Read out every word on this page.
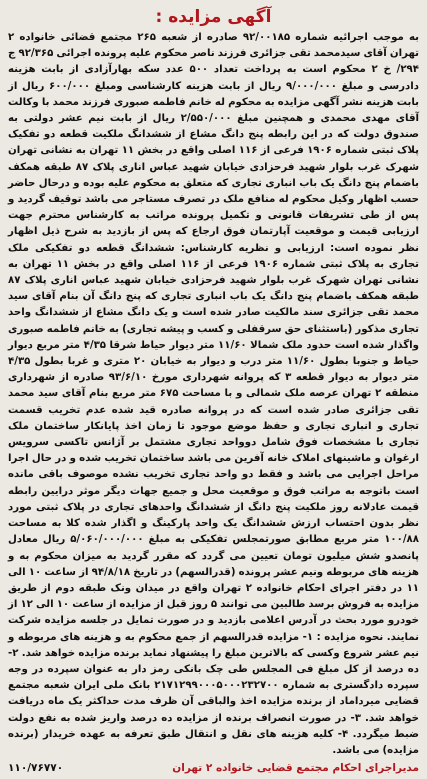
آگهی مزایده :

به موجب اجرائیه شماره ۹۲/۰۰۱۸۵ صادره از شعبه ۲۶۵ مجتمع قضائی خانواده ۲ تهران آقای سیدمحمد تقی جزائری فرزند ناصر محکوم علیه پرونده اجرائی ۹۲/۳۶۵ ج ۲۹۴/ خ ۲ محکوم است به پرداخت تعداد ۵۰۰ عدد سکه بهارآزادی از بابت هزینه دادرسی و مبلغ ۹/۰۰۰/۰۰۰ ریال از بابت هزینه کارشناسی ومبلغ ۶۰۰/۰۰۰ ریال از بابت هزینه نشر آگهی مزایده به محکوم له خانم فاطمه صبوری فرزند محمد با وکالت آقای مهدی محمدی و همچنین مبلغ ۲/۵۵۰/۰۰۰ ریال از بابت نیم عشر دولتی به صندوق دولت که در این رابطه پنج دانگ مشاع از ششدانگ ملکیت قطعه دو تفکیک پلاک ثبتی شماره ۱۹۰۶ فرعی از ۱۱۶ اصلی واقع در بخش ۱۱ تهران به نشانی تهران شهرک غرب بلوار شهید فرحزادی خیابان شهید عباس اناری پلاک ۸۷ طبقه همکف باضمام پنج دانگ یک باب انباری تجاری که متعلق به محکوم علیه بوده و درحال حاضر حسب اظهار وکیل محکوم له منافع ملک در تصرف مستاجر می باشد توقیف گردید و پس از طی تشریفات قانونی و تکمیل پرونده مراتب به کارشناس محترم جهت ارزیابی قیمت و موقعیت آپارتمان فوق ارجاع که پس از بازدید به شرح ذیل اظهار نظر نموده است: ارزیابی و نظریه کارشناس: ششدانگ قطعه دو تفکیکی ملک تجاری به پلاک ثبتی شماره ۱۹۰۶ فرعی از ۱۱۶ اصلی واقع در بخش ۱۱ تهران به نشانی تهران شهرک غرب بلوار شهید فرحزادی خیابان شهید عباس اناری پلاک ۸۷ طبقه همکف باضمام پنج دانگ یک باب انباری تجاری که پنج دانگ آن بنام آقای سید محمد تقی جزائری سند مالکیت صادر شده است و یک دانگ مشاع از ششدانگ واحد تجاری مذکور (باستثنای حق سرقفلی و کسب و پیشه تجاری) به خانم فاطمه صبوری واگذار شده است حدود ملک شمالا ۱۱/۶۰ متر دیوار حیاط شرقا ۴/۳۵ متر مربع دیوار حیاط و جنوبا بطول ۱۱/۶۰ متر درب و دیوار به خیابان ۲۰ متری و غربا بطول ۴/۳۵ متر دیوار به دیوار قطعه ۳ که پروانه شهرداری مورخ ۹۳/۶/۱۰ صادره از شهرداری منطقه ۲ تهران عرصه ملک شمالی و با مساحت ۶۷۵ متر مربع بنام آقای سید محمد تقی جزائری صادر شده است که در پروانه صادره قید شده عدم تخریب قسمت تجاری و انباری تجاری و حفظ موضع موجود تا زمان اخذ پایانکار ساختمان ملک تجاری با مشخصات فوق شامل دوواحد تجاری مشتمل بر آژانس تاکسی سرویس ارغوان و ماشینهای املاک خانه آفرین می باشد ساختمان تخریب شده و در حال اجرا مراحل اجرایی می باشد و فقط دو واحد تجاری تخریب نشده موصوف باقی مانده است باتوجه به مراتب فوق و موقعیت محل و جمیع جهات دیگر موثر درایین رابطه قیمت عادلانه روز ملکیت پنج دانگ از ششدانگ واحدهای تجاری در پلاک ثبتی مورد نظر بدون احتساب ارزش ششدانگ یک واحد پارکینگ و اگذار شده کلا به مساحت ۱۰۰/۸۸ متر مربع مطابق صورتمجلس تفکیکی به مبلغ ۵/۰۶۰/۰۰۰/۰۰۰ ریال معادل پانصدو شش میلیون تومان تعیین می گردد که مقرر گردید به میزان محکوم به و هزینه های مربوطه ونیم عشر پرونده (قدرالسهم) در تاریخ ۹۴/۸/۱۸ از ساعت ۱۰ الی ۱۱ در دفتر اجرای احکام خانواده ۲ تهران واقع در میدان ونک طبقه دوم از طریق مزایده به فروش برسد طالبین می توانند ۵ روز قبل از مزایده از ساعت ۱۰ الی ۱۲ از خودرو مورد بحث در آدرس اعلامی بازدید و در صورت تمایل در جلسه مزایده شرکت نمایند. نحوه مزایده : ۱- مزایده قدرالسهم از جمع محکوم به و هزینه های مربوطه و نیم عشر شروع وکسی که بالاترین مبلغ را پیشنهاد نماید برنده مزایده خواهد شد. ۲- ده درصد از کل مبلغ فی المجلس طی چک بانکی رمز دار به عنوان سپرده در وجه سپرده دادگستری به شماره ۲۱۷۱۲۹۹۰۰۰۵۰۰۰۲۳۲۷۰۰ بانک ملی ایران شعبه مجتمع قضایی میرداماد از برنده مزایده اخذ والباقی آن ظرف مدت حداکثر یک ماه دریافت خواهد شد. ۳- در صورت انصراف برنده از مزایده ده درصد واریز شده به نفع دولت ضبط میگردد. ۴- کلیه هزینه های نقل و انتقال طبق تعرفه به عهده خریدار (برنده مزایده) می باشد.

مدیراجرای احکام مجتمع قضایی خانواده ۲ تهران
۱۱۰/۷۶۷۷۰
